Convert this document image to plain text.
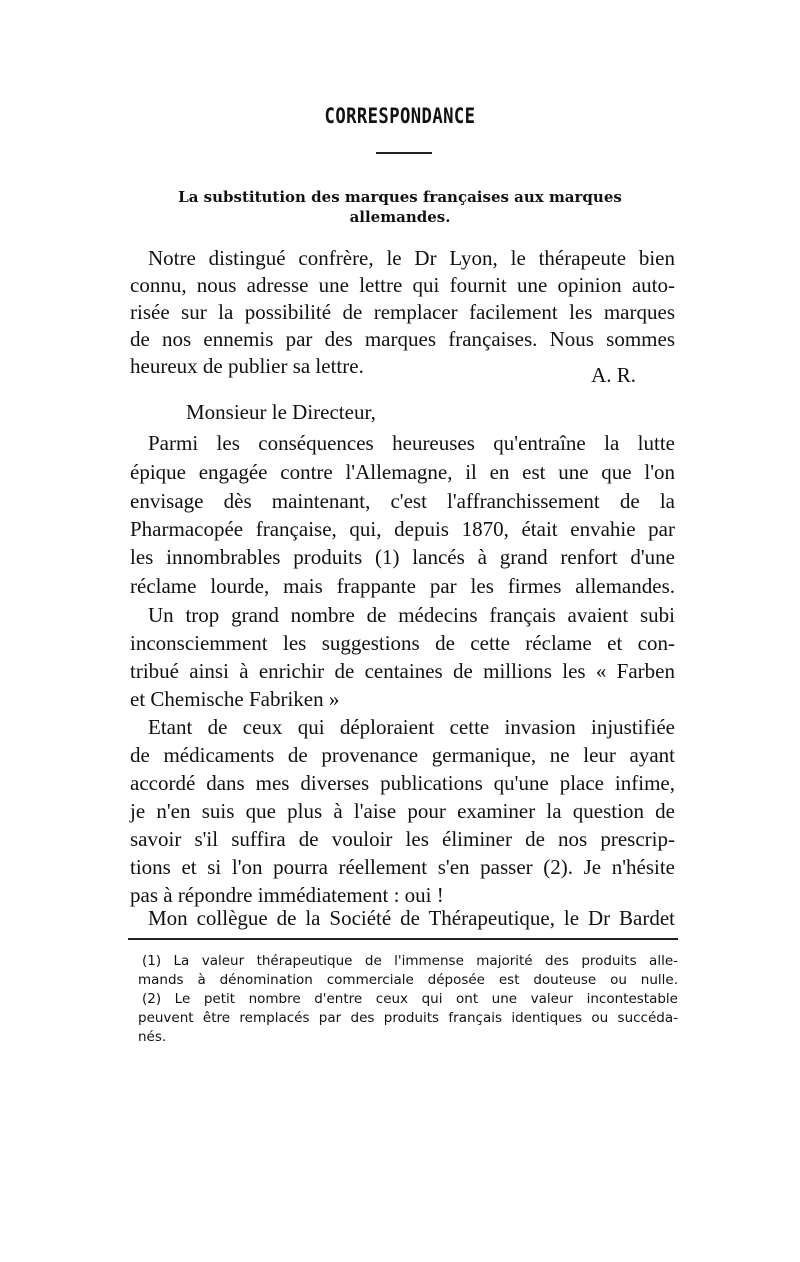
CORRESPONDANCE
La substitution des marques françaises aux marques
allemandes.
Notre distingué confrère, le Dr Lyon, le thérapeute bien
connu, nous adresse une lettre qui fournit une opinion auto-
risée sur la possibilité de remplacer facilement les marques
de nos ennemis par des marques françaises. Nous sommes
heureux de publier sa lettre.	A. R.
Monsieur le Directeur,
Parmi les conséquences heureuses qu'entraîne la lutte
épique engagée contre l'Allemagne, il en est une que l'on
envisage dès maintenant, c'est l'affranchissement de la
Pharmacopée française, qui, depuis 1870, était envahie par
les innombrables produits (1) lancés à grand renfort d'une
réclame lourde, mais frappante par les firmes allemandes.
Un trop grand nombre de médecins français avaient subi
inconsciemment les suggestions de cette réclame et con-
tribué ainsi à enrichir de centaines de millions les « Farben
et Chemische Fabriken »
Etant de ceux qui déploraient cette invasion injustifiée
de médicaments de provenance germanique, ne leur ayant
accordé dans mes diverses publications qu'une place infime,
je n'en suis que plus à l'aise pour examiner la question de
savoir s'il suffira de vouloir les éliminer de nos prescrip-
tions et si l'on pourra réellement s'en passer (2). Je n'hésite
pas à répondre immédiatement : oui !
Mon collègue de la Société de Thérapeutique, le Dr Bardet
(1) La valeur thérapeutique de l'immense majorité des produits alle-
mands à dénomination commerciale déposée est douteuse ou nulle.
(2) Le petit nombre d'entre ceux qui ont une valeur incontestable
peuvent être remplacés par des produits français identiques ou succéda-
nés.
